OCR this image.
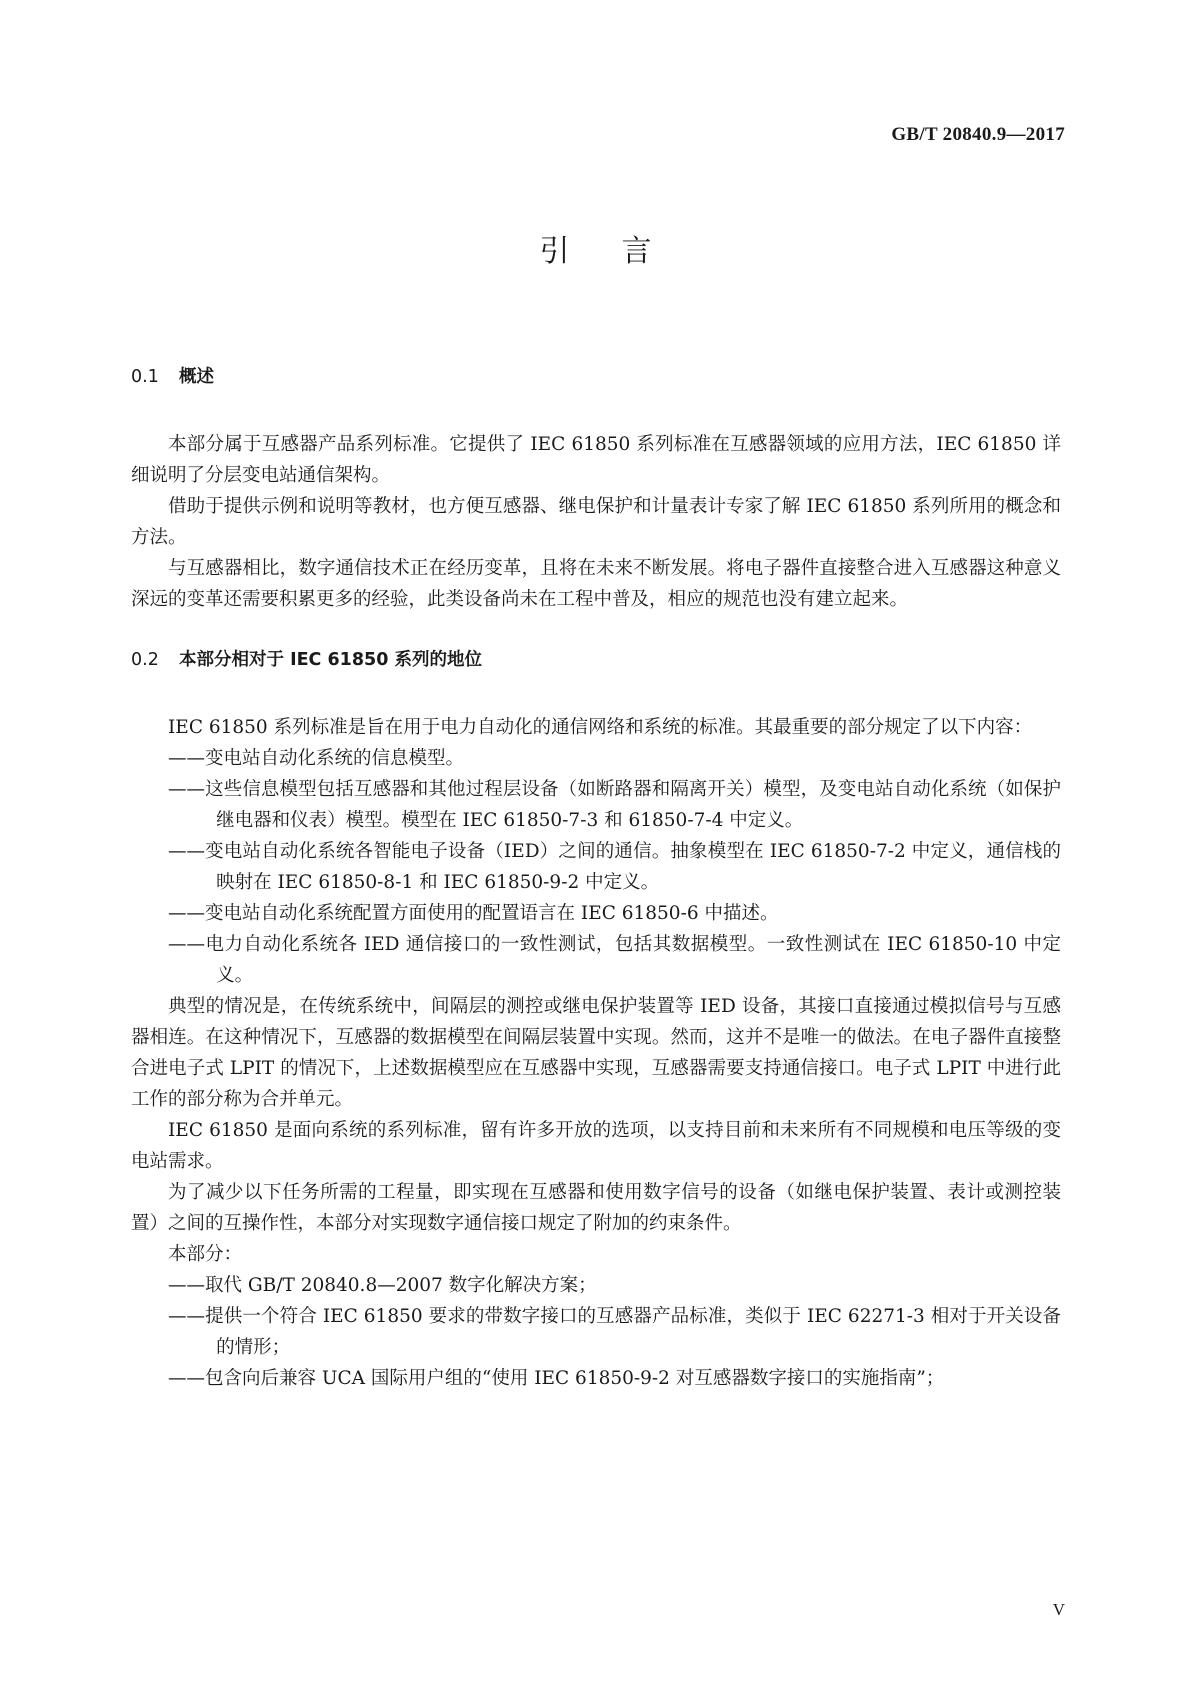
GB/T 20840.9—2017
引言
0.1 概述

本部分属于互感器产品系列标准。它提供了 IEC 61850 系列标准在互感器领域的应用方法，IEC 61850 详细说明了分层变电站通信架构。

借助于提供示例和说明等教材，也方便互感器、继电保护和计量表计专家了解 IEC 61850 系列所用的概念和方法。

与互感器相比，数字通信技术正在经历变革，且将在未来不断发展。将电子器件直接整合进入互感器这种意义深远的变革还需要积累更多的经验，此类设备尚未在工程中普及，相应的规范也没有建立起来。

0.2 本部分相对于 IEC 61850 系列的地位

IEC 61850 系列标准是旨在用于电力自动化的通信网络和系统的标准。其最重要的部分规定了以下内容：

—— 变电站自动化系统的信息模型。
—— 这些信息模型包括互感器和其他过程层设备（如断路器和隔离开关）模型，及变电站自动化系统（如保护继电器和仪表）模型。模型在 IEC 61850-7-3 和 61850-7-4 中定义。
—— 变电站自动化系统各智能电子设备（IED）之间的通信。抽象模型在 IEC 61850-7-2 中定义，通信栈的映射在 IEC 61850-8-1 和 IEC 61850-9-2 中定义。
—— 变电站自动化系统配置方面使用的配置语言在 IEC 61850-6 中描述。
—— 电力自动化系统各 IED 通信接口的一致性测试，包括其数据模型。一致性测试在 IEC 61850-10 中定义。

典型的情况是，在传统系统中，间隔层的测控或继电保护装置等 IED 设备，其接口直接通过模拟信号与互感器相连。在这种情况下，互感器的数据模型在间隔层装置中实现。然而，这并不是唯一的做法。在电子器件直接整合进电子式 LPIT 的情况下，上述数据模型应在互感器中实现，互感器需要支持通信接口。电子式 LPIT 中进行此工作的部分称为合并单元。

IEC 61850 是面向系统的系列标准，留有许多开放的选项，以支持目前和未来所有不同规模和电压等级的变电站需求。

为了减少以下任务所需的工程量，即实现在互感器和使用数字信号的设备（如继电保护装置、表计或测控装置）之间的互操作性，本部分对实现数字通信接口规定了附加的约束条件。

本部分：
—— 取代 GB/T 20840.8—2007 数字化解决方案；
—— 提供一个符合 IEC 61850 要求的带数字接口的互感器产品标准，类似于 IEC 62271-3 相对于开关设备的情形；
—— 包含向后兼容 UCA 国际用户组的“使用 IEC 61850-9-2 对互感器数字接口的实施指南”；
V
